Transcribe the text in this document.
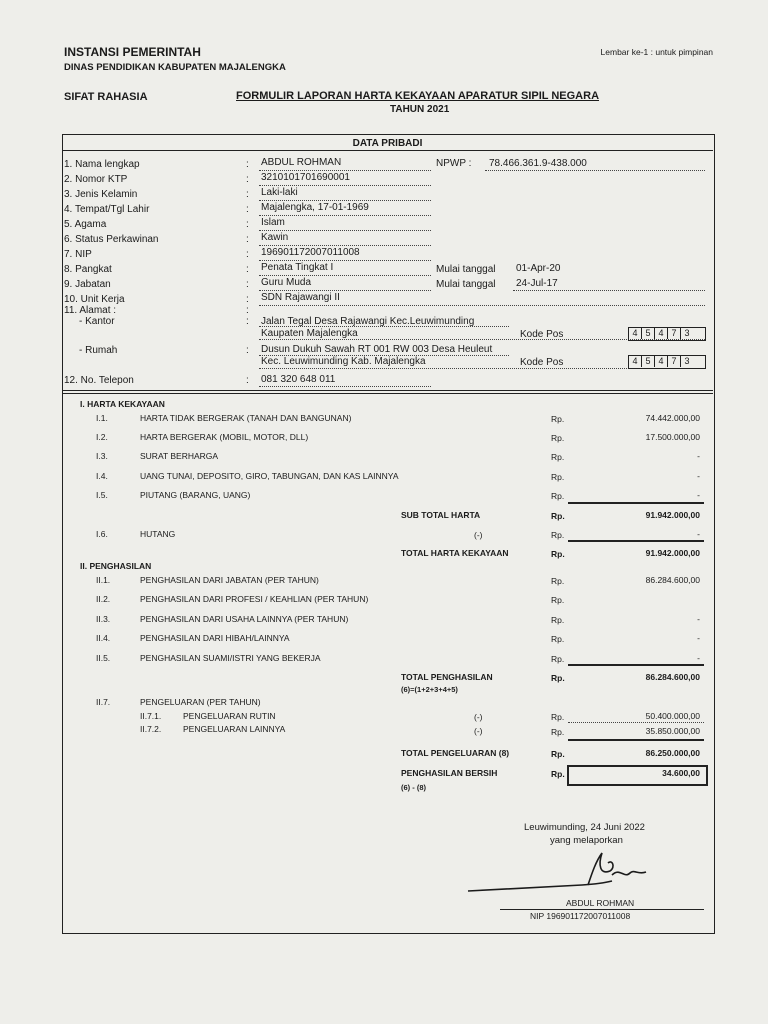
INSTANSI PEMERINTAH
DINAS PENDIDIKAN KABUPATEN MAJALENGKA
Lembar ke-1 : untuk pimpinan
SIFAT RAHASIA	FORMULIR LAPORAN HARTA KEKAYAAN APARATUR SIPIL NEGARA
TAHUN 2021
DATA PRIBADI
1. Nama lengkap	: ABDUL ROHMAN	NPWP : 78.466.361.9-438.000
2. Nomor KTP	: 3210101701690001
3. Jenis Kelamin	: Laki-laki
4. Tempat/Tgl Lahir	: Majalengka, 17-01-1969
5. Agama	: Islam
6. Status Perkawinan	: Kawin
7. NIP	: 196901172007011008
8. Pangkat	: Penata Tingkat I	Mulai tanggal 01-Apr-20
9. Jabatan	: Guru Muda	Mulai tanggal 24-Jul-17
10. Unit Kerja	: SDN Rajawangi II
11. Alamat :	:
- Kantor	: Jalan Tegal Desa Rajawangi Kec.Leuwimunding
Kaupaten Majalengka	Kode Pos	4 5 4 7 3
- Rumah	: Dusun Dukuh Sawah RT 001 RW 003 Desa Heuleut
Kec. Leuwimunding Kab. Majalengka	Kode Pos	4 5 4 7 3
12. No. Telepon	: 081 320 648 011
I. HARTA KEKAYAAN
I.1.	HARTA TIDAK BERGERAK (TANAH DAN BANGUNAN)	Rp.	74.442.000,00
I.2.	HARTA BERGERAK (MOBIL, MOTOR, DLL)	Rp.	17.500.000,00
I.3.	SURAT BERHARGA	Rp.	-
I.4.	UANG TUNAI, DEPOSITO, GIRO, TABUNGAN, DAN KAS LAINNYA	Rp.	-
I.5.	PIUTANG (BARANG, UANG)	Rp.	-
SUB TOTAL HARTA	Rp.	91.942.000,00
I.6.	HUTANG	(-)	Rp.	-
TOTAL HARTA KEKAYAAN	Rp.	91.942.000,00
II. PENGHASILAN
II.1.	PENGHASILAN DARI JABATAN (PER TAHUN)	Rp.	86.284.600,00
II.2.	PENGHASILAN DARI PROFESI / KEAHLIAN (PER TAHUN)	Rp.
II.3.	PENGHASILAN DARI USAHA LAINNYA (PER TAHUN)	Rp.	-
II.4.	PENGHASILAN DARI HIBAH/LAINNYA	Rp.	-
II.5.	PENGHASILAN SUAMI/ISTRI YANG BEKERJA	Rp.	-
TOTAL PENGHASILAN
(6)=(1+2+3+4+5)
Rp.	86.284.600,00
II.7.	PENGELUARAN (PER TAHUN)
II.7.1.	PENGELUARAN RUTIN	(-)	Rp.	50.400.000,00
II.7.2.	PENGELUARAN LAINNYA	(-)	Rp.	35.850.000,00
TOTAL PENGELUARAN (8)	Rp.	86.250.000,00
PENGHASILAN BERSIH
(6) - (8)
Rp.	34.600,00
Leuwimunding, 24 Juni 2022
yang melaporkan
ABDUL ROHMAN
NIP 196901172007011008
